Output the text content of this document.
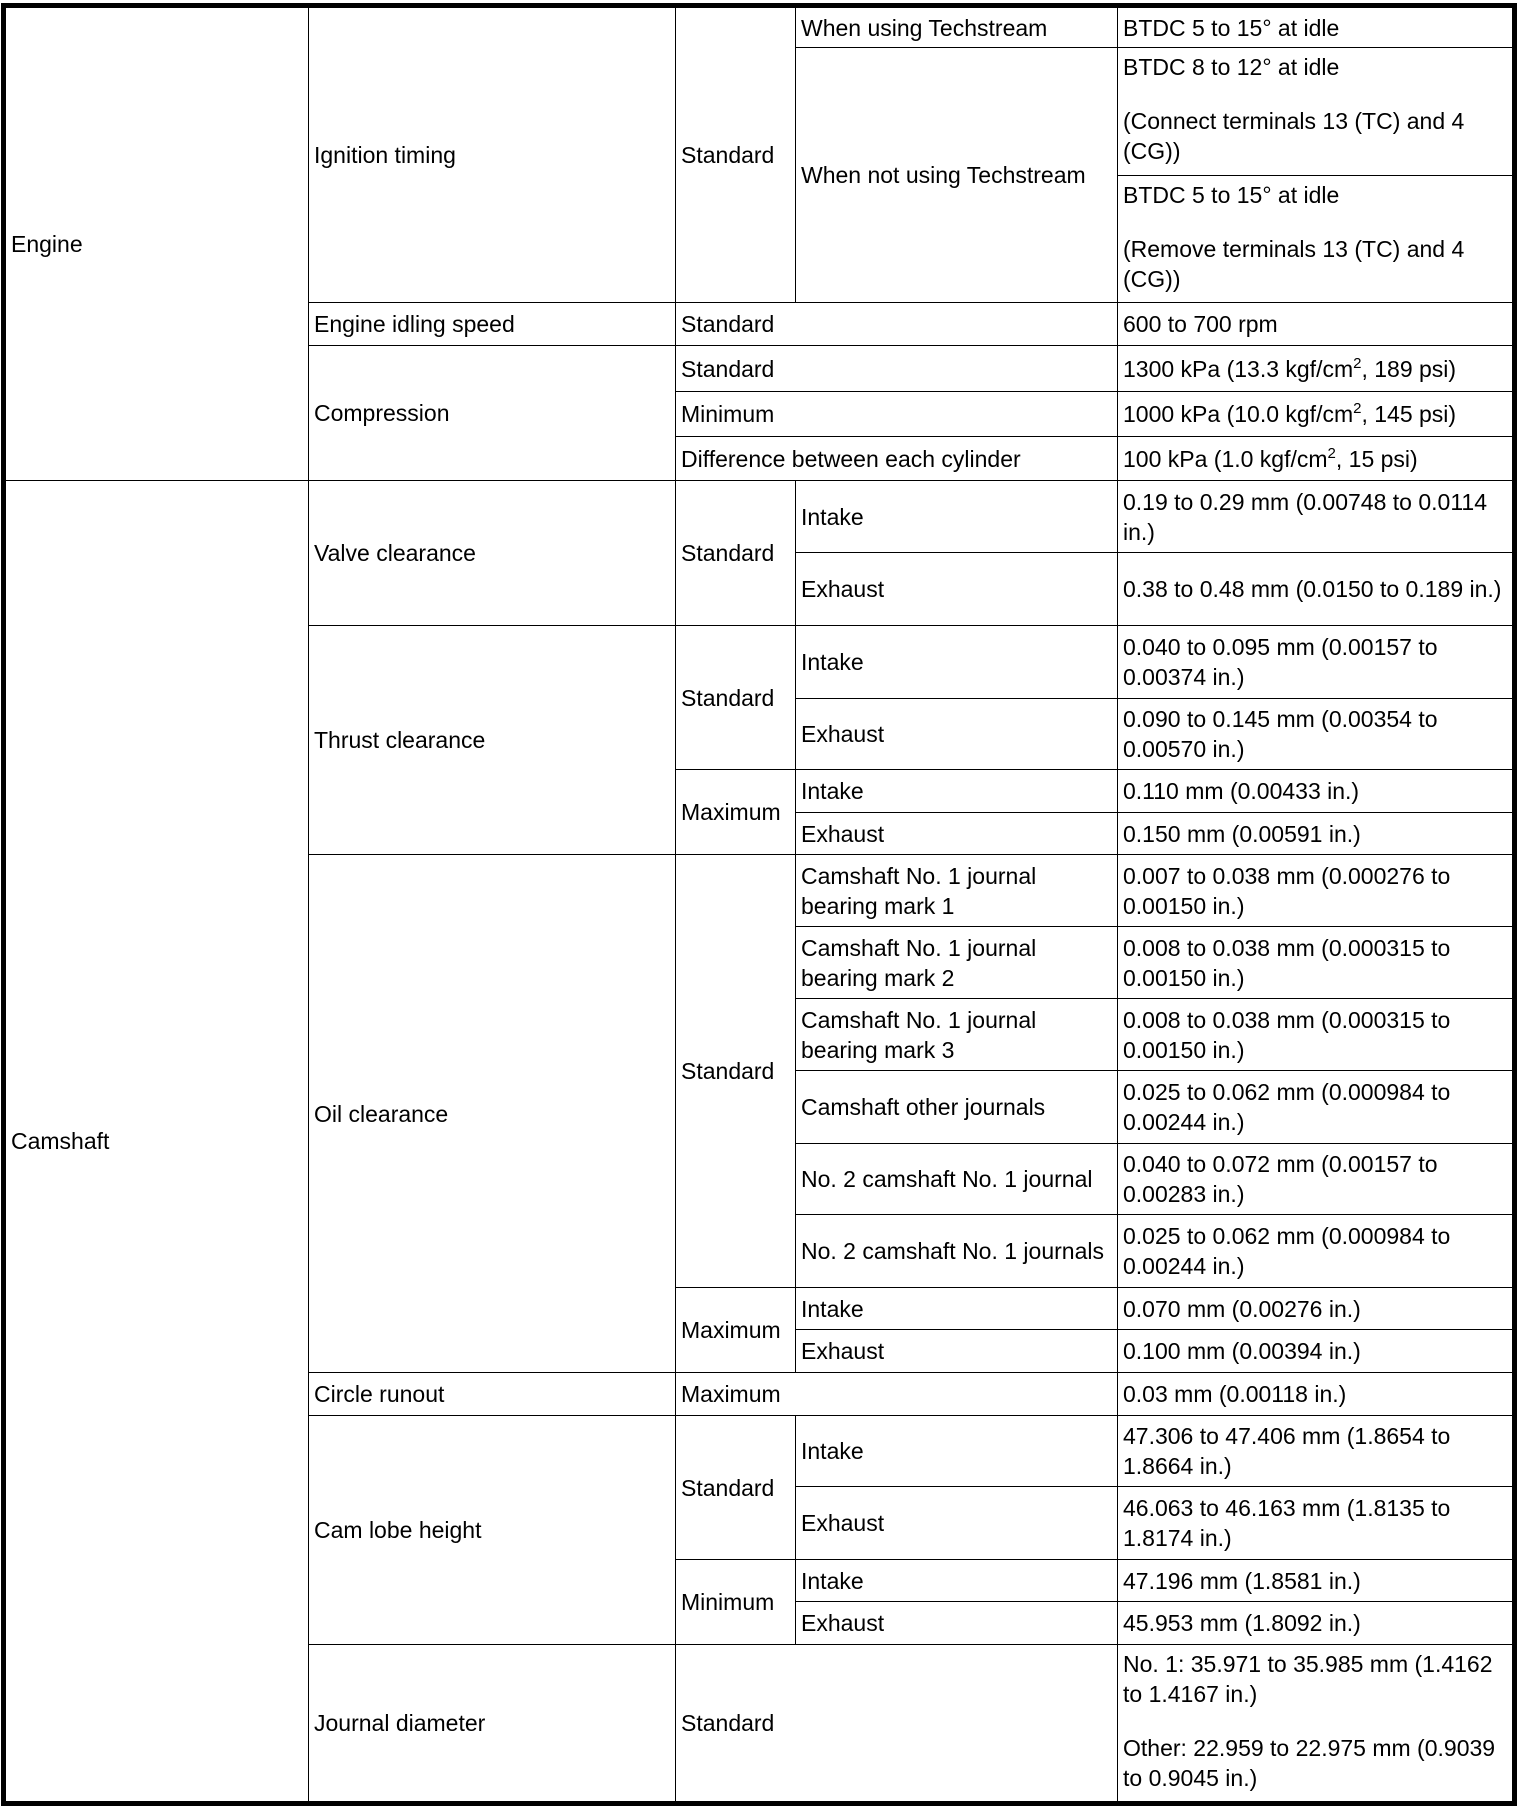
Engine	Ignition timing	Standard	When using Techstream	BTDC 5 to 15° at idle
			When not using Techstream	BTDC 8 to 12° at idle

(Connect terminals 13 (TC) and 4 (CG))

				BTDC 5 to 15° at idle

(Remove terminals 13 (TC) and 4 (CG))

	Engine idling speed	Standard		600 to 700 rpm
	Compression	Standard		1300 kPa (13.3 kgf/$cm^2$, 189 psi)
		Minimum		1000 kPa (10.0 kgf/$cm^2$, 145 psi)
		Difference between each cylinder		100 kPa (1.0 kgf/$cm^2$, 15 psi)
Camshaft	Valve clearance	Standard	Intake	0.19 to 0.29 mm (0.00748 to 0.0114 in.)
			Exhaust	0.38 to 0.48 mm (0.0150 to 0.189 in.)
	Thrust clearance	Standard	Intake	0.040 to 0.095 mm (0.00157 to 0.00374 in.)
			Exhaust	0.090 to 0.145 mm (0.00354 to 0.00570 in.)
		Maximum	Intake	0.110 mm (0.00433 in.)
			Exhaust	0.150 mm (0.00591 in.)
	Oil clearance	Standard	Camshaft No. 1 journal bearing mark 1	0.007 to 0.038 mm (0.000276 to 0.00150 in.)
			Camshaft No. 1 journal bearing mark 2	0.008 to 0.038 mm (0.000315 to 0.00150 in.)
			Camshaft No. 1 journal bearing mark 3	0.008 to 0.038 mm (0.000315 to 0.00150 in.)
			Camshaft other journals	0.025 to 0.062 mm (0.000984 to 0.00244 in.)
			No. 2 camshaft No. 1 journal	0.040 to 0.072 mm (0.00157 to 0.00283 in.)
			No. 2 camshaft No. 1 journals	0.025 to 0.062 mm (0.000984 to 0.00244 in.)
		Maximum	Intake	0.070 mm (0.00276 in.)
			Exhaust	0.100 mm (0.00394 in.)
	Circle runout	Maximum		0.03 mm (0.00118 in.)
	Cam lobe height	Standard	Intake	47.306 to 47.406 mm (1.8654 to 1.8664 in.)
			Exhaust	46.063 to 46.163 mm (1.8135 to 1.8174 in.)
		Minimum	Intake	47.196 mm (1.8581 in.)
			Exhaust	45.953 mm (1.8092 in.)
	Journal diameter	Standard		No. 1: 35.971 to 35.985 mm (1.4162 to 1.4167 in.)

Other: 22.959 to 22.975 mm (0.9039 to 0.9045 in.)
